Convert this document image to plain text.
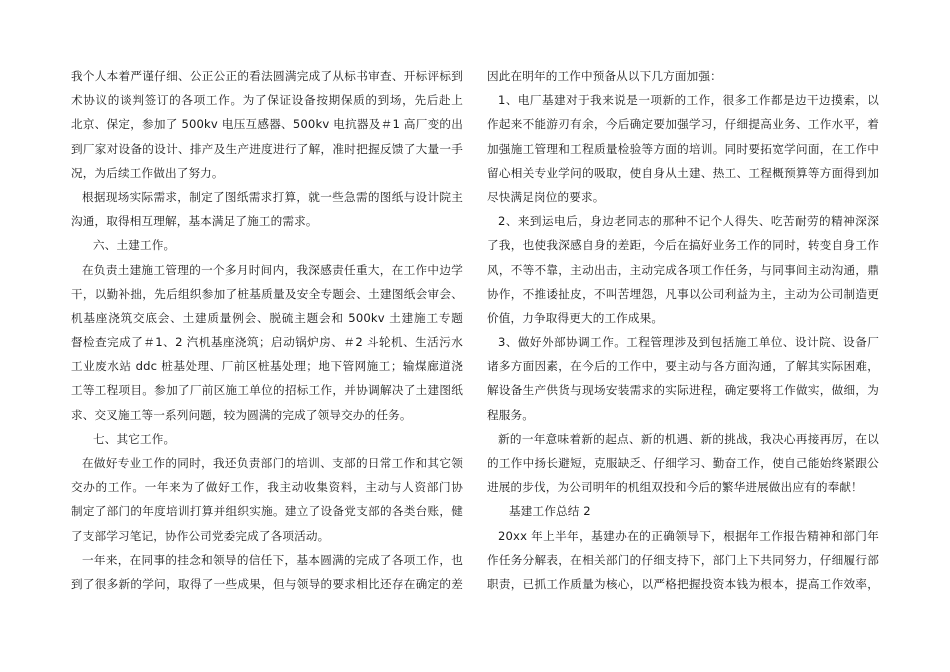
我个人本着严谨仔细、公正公正的看法圆满完成了从标书审查、开标评标到
术协议的谈判签订的各项工作。为了保证设备按期保质的到场，先后赴上
北京、保定，参加了 500kv 电压互感器、500kv 电抗器及＃1 高厂变的出
到厂家对设备的设计、排产及生产进度进行了解，准时把握反馈了大量一手
况，为后续工作做出了努力。
根据现场实际需求，制定了图纸需求打算，就一些急需的图纸与设计院主
沟通，取得相互理解，基本满足了施工的需求。
六、土建工作。
在负责土建施工管理的一个多月时间内，我深感责任重大，在工作中边学
干，以勤补拙，先后组织参加了桩基质量及安全专题会、土建图纸会审会、
机基座浇筑交底会、土建质量例会、脱硫主题会和 500kv 土建施工专题
督检查完成了＃1、2 汽机基座浇筑；启动锅炉房、＃2 斗轮机、生活污水
工业废水站 ddc 桩基处理、厂前区桩基处理；地下管网施工；输煤廊道浇
工等工程项目。参加了厂前区施工单位的招标工作，并协调解决了土建图纸
求、交叉施工等一系列问题，较为圆满的完成了领导交办的任务。
七、其它工作。
在做好专业工作的同时，我还负责部门的培训、支部的日常工作和其它领
交办的工作。一年来为了做好工作，我主动收集资料，主动与人资部门协
制定了部门的年度培训打算并组织实施。建立了设备党支部的各类台账，健
了支部学习笔记，协作公司党委完成了各项活动。
一年来，在同事的挂念和领导的信任下，基本圆满的完成了各项工作，也
到了很多新的学问，取得了一些成果，但与领导的要求相比还存在确定的差
因此在明年的工作中预备从以下几方面加强：
1、电厂基建对于我来说是一项新的工作，很多工作都是边干边摸索，以
作起来不能游刃有余，今后确定要加强学习，仔细提高业务、工作水平，着
加强施工管理和工程质量检验等方面的培训。同时要拓宽学问面，在工作中
留心相关专业学问的吸取，使自身从土建、热工、工程概预算等方面得到加
尽快满足岗位的要求。
2、来到运电后，身边老同志的那种不记个人得失、吃苦耐劳的精神深深
了我，也使我深感自身的差距，今后在搞好业务工作的同时，转变自身工作
风，不等不靠，主动出击，主动完成各项工作任务，与同事间主动沟通，鼎
协作，不推诿扯皮，不叫苦埋怨，凡事以公司利益为主，主动为公司制造更
价值，力争取得更大的工作成果。
3、做好外部协调工作。工程管理涉及到包括施工单位、设计院、设备厂
诸多方面因素，在今后的工作中，要主动与各方面沟通，了解其实际困难，
解设备生产供货与现场安装需求的实际进程，确定要将工作做实，做细，为
程服务。
新的一年意味着新的起点、新的机遇、新的挑战，我决心再接再厉，在以
的工作中扬长避短，克服缺乏、仔细学习、勤奋工作，使自己能始终紧跟公
进展的步伐，为公司明年的机组双投和今后的繁华进展做出应有的奉献！
基建工作总结 2
20xx 年上半年，基建办在的正确领导下，根据年工作报告精神和部门年
作任务分解表，在相关部门的仔细支持下，部门上下共同努力，仔细履行部
职责，已抓工作质量为核心，以严格把握投资本钱为根本，提高工作效率，
